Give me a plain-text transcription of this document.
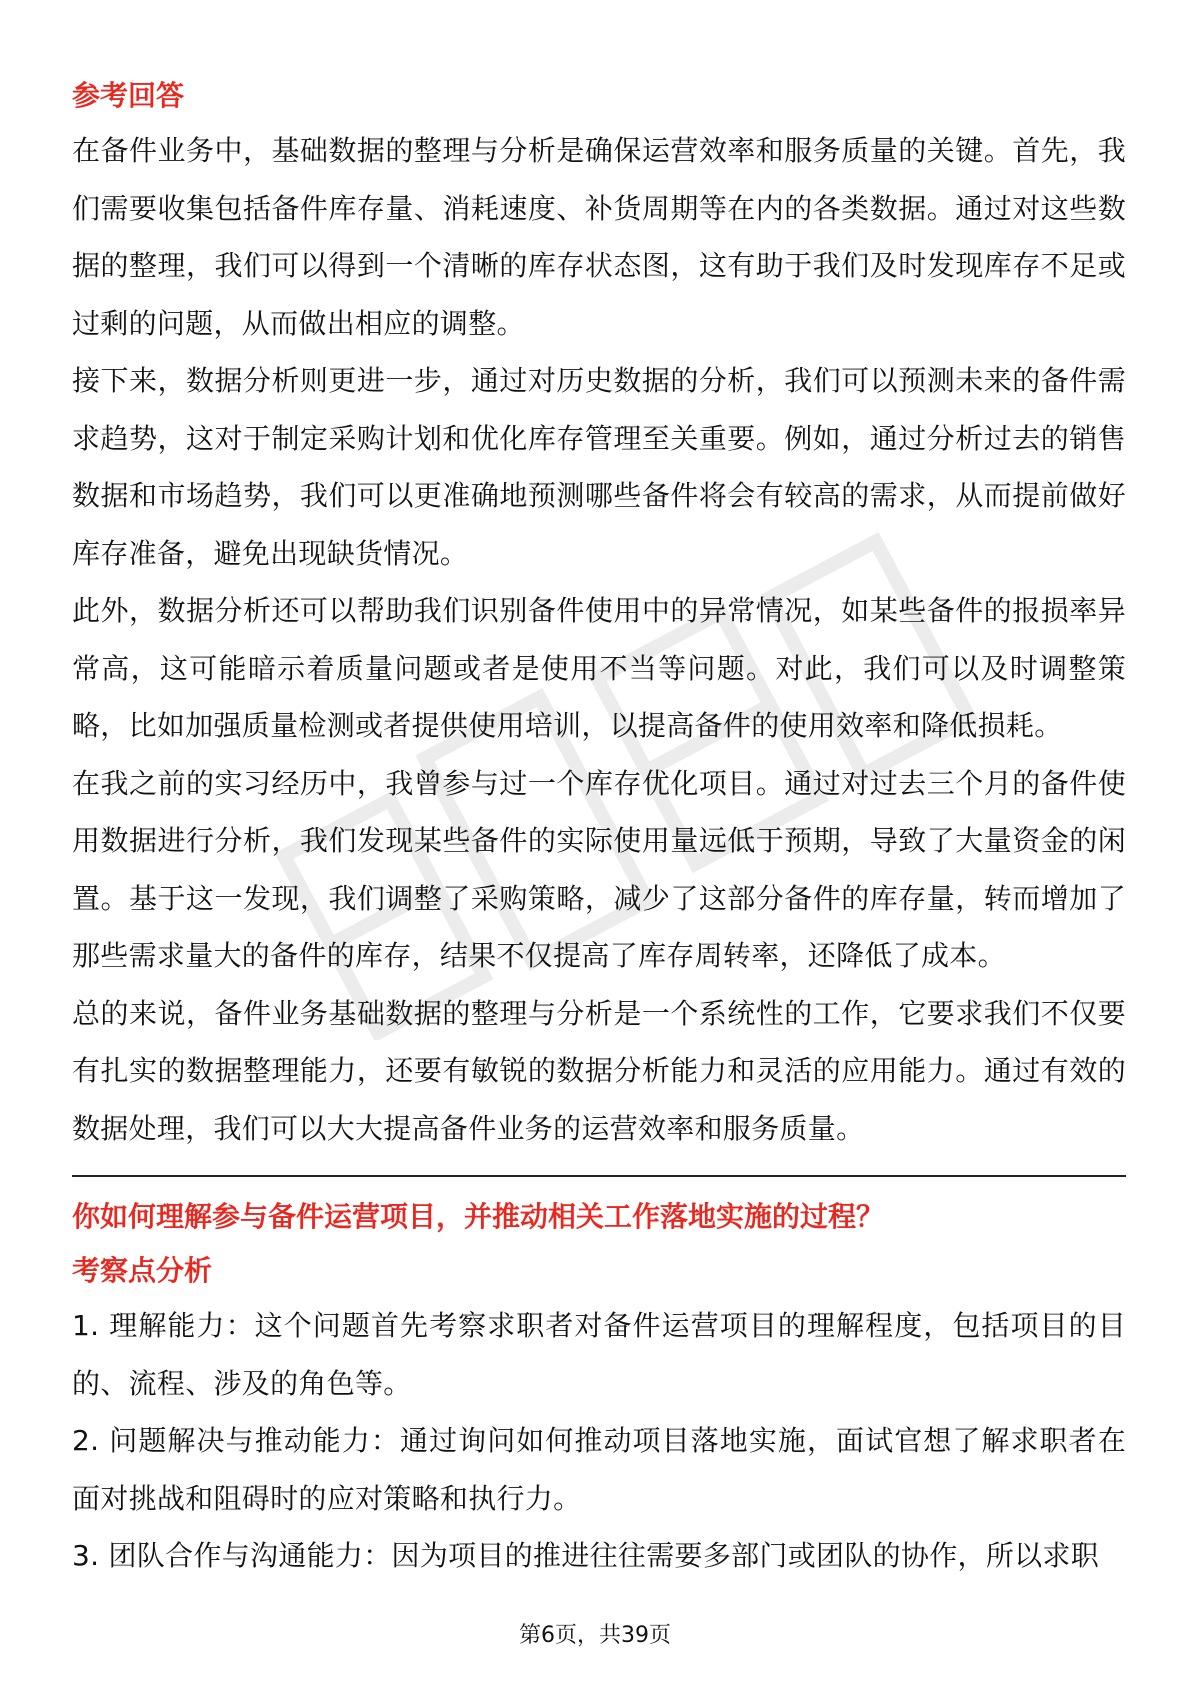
参考回答

在备件业务中，基础数据的整理与分析是确保运营效率和服务质量的关键。首先，我们需要收集包括备件库存量、消耗速度、补货周期等在内的各类数据。通过对这些数据的整理，我们可以得到一个清晰的库存状态图，这有助于我们及时发现库存不足或过剩的问题，从而做出相应的调整。

接下来，数据分析则更进一步，通过对历史数据的分析，我们可以预测未来的备件需求趋势，这对于制定采购计划和优化库存管理至关重要。例如，通过分析过去的销售数据和市场趋势，我们可以更准确地预测哪些备件将会有较高的需求，从而提前做好库存准备，避免出现缺货情况。

此外，数据分析还可以帮助我们识别备件使用中的异常情况，如某些备件的报损率异常高，这可能暗示着质量问题或者是使用不当等问题。对此，我们可以及时调整策略，比如加强质量检测或者提供使用培训，以提高备件的使用效率和降低损耗。

在我之前的实习经历中，我曾参与过一个库存优化项目。通过对过去三个月的备件使用数据进行分析，我们发现某些备件的实际使用量远低于预期，导致了大量资金的闲置。基于这一发现，我们调整了采购策略，减少了这部分备件的库存量，转而增加了那些需求量大的备件的库存，结果不仅提高了库存周转率，还降低了成本。

总的来说，备件业务基础数据的整理与分析是一个系统性的工作，它要求我们不仅要有扎实的数据整理能力，还要有敏锐的数据分析能力和灵活的应用能力。通过有效的数据处理，我们可以大大提高备件业务的运营效率和服务质量。

你如何理解参与备件运营项目，并推动相关工作落地实施的过程？

考察点分析

1. 理解能力：这个问题首先考察求职者对备件运营项目的理解程度，包括项目的目的、流程、涉及的角色等。

2. 问题解决与推动能力：通过询问如何推动项目落地实施，面试官想了解求职者在面对挑战和阻碍时的应对策略和执行力。

3. 团队合作与沟通能力：因为项目的推进往往需要多部门或团队的协作，所以求职

第6页，共39页
